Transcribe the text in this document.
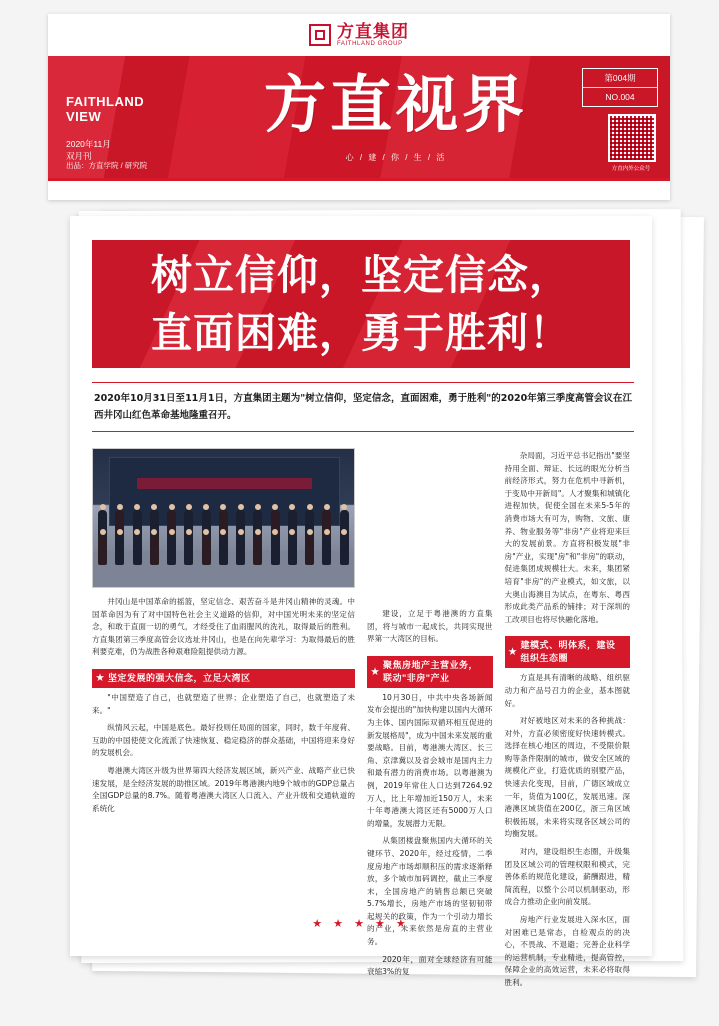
方直集团
FAITHLAND GROUP
FAITHLAND
VIEW
2020年11月
双月刊
出品：方直学院 / 研究院
方直视界
心 / 建 / 你 / 生 / 活
第004期
NO.004
方直内外公众号
树立信仰，坚定信念，
直面困难，勇于胜利！
2020年10月31日至11月1日，方直集团主题为"树立信仰，坚定信念，直面困难，勇于胜利"的2020年第三季度高管会议在江西井冈山红色革命基地隆重召开。

井冈山是中国革命的摇篮，坚定信念、艰苦奋斗是井冈山精神的灵魂。中国革命因为有了对中国特色社会主义道路的信仰，对中国光明未来的坚定信念，和敢于直面一切的勇气，才经受住了血雨腥风的洗礼，取得最后的胜利。方直集团第三季度高管会议选址井冈山，也是在向先辈学习：为取得最后的胜利要克难，仍为战胜各种艰难险阻提供动力源。

★ 坚定发展的强大信念，立足大湾区

"中国塑造了自己，也就塑造了世界；企业塑造了自己，也就塑造了未来。"

纵情风云起，中国是底色。最好投则任局面的国家，同时，数千年度荷、互助的中国使使文化流派了快速恢复、稳定稳济的群众基础，中国将迎来身好的发展机会。

粤港澳大湾区升级为世界第四大经济发展区域，新兴产业、战略产业已快速发展，是全经济发展的助推区域。2019年粤港澳内地9个城市的GDP总量占全国GDP总量的8.7%。随着粤港澳大湾区人口流入、产业升级和交通轨道的系统化

建设，立足于粤港澳的方直集团，将与城市一起成长，共同实现世界第一大湾区的目标。

★
聚焦房地产主营业务，联动"非房"产业

10月30日，中共中央各场新闻发布会提出的"加快构建以国内大循环为主体、国内国际双循环相互促进的新发展格局"，成为中国未来发展的重要战略。目前，粤港澳大湾区、长三角、京津冀以及省会城市是国内主力和最有潜力的消费市场。以粤港澳为例，2019年常住人口达到7264.92万人，比上年增加近150万人，未来十年粤港澳大湾区还有5000万人口的增量，发展潜力无限。

从集团楼盘聚焦国内大循环的关键环节、2020年，经过疫情，二季度房地产市场却顺积压的需求逐渐释放，多个城市加码调控，截止三季度末，全国房地产的销售总额已突破5.7%增长，房地产市场的坚韧韧带起规关的政策，作为一个引动力增长的产业，未来依然是房直的主营业务。

2020年，面对全球经济有可能衰缩3%的复

杂局面，习近平总书记指出"要坚持用全面、辩证、长远的眼光分析当前经济形式，努力在危机中寻新机，于变局中开新局"。人才聚集和城镇化进程加快，促使全国在未来5-5年的消费市场大有可为，购物、文旅、康养、物业服务等"非房"产业将迎来巨大的发展前景。方直将积极发展"非房"产业，实现"房"和"非房"的联动，促进集团成规模壮大。未来，集团紧培育"非房"的产业模式，如文旅，以大奥山海澳目为试点，在粤东、粤西形成此类产品系的铺排；对于深圳的工改项目也将尽快融化落地。

★
建模式、明体系，建设组织生态圈

方直是具有清晰的战略、组织驱动力和产品号召力的企业，基本图就好。

对好被地区对未来的各种挑战：对外，方直必须密度好快速转模式。选择在核心地区的周边，不受限价限购等条件限制的城市，做安全区域的规模化产业，打造优质的别墅产品，快速去化变现，目前，广德区域成立一年，货值为100亿，发展迅速。深港澳区域货值在200亿，浙三角区域积极拓展，未来将实现各区域公司的均衡发展。

对内，建设组织生态圈，升级集团及区域公司的管理权限和模式，完善体系的规范化建设，薪酬跟进，精简流程，以整个公司以机制驱动，形成合力推动企业向前发展。

房地产行业发展进入深水区，面对困难已是常态，自检观点的的决心，不畏战、不退避；完善企业科学的运营机制，专业精进，提高管控，保障企业的高效运营，未来必将取得胜利。

★ ★ ★ ★ ★
